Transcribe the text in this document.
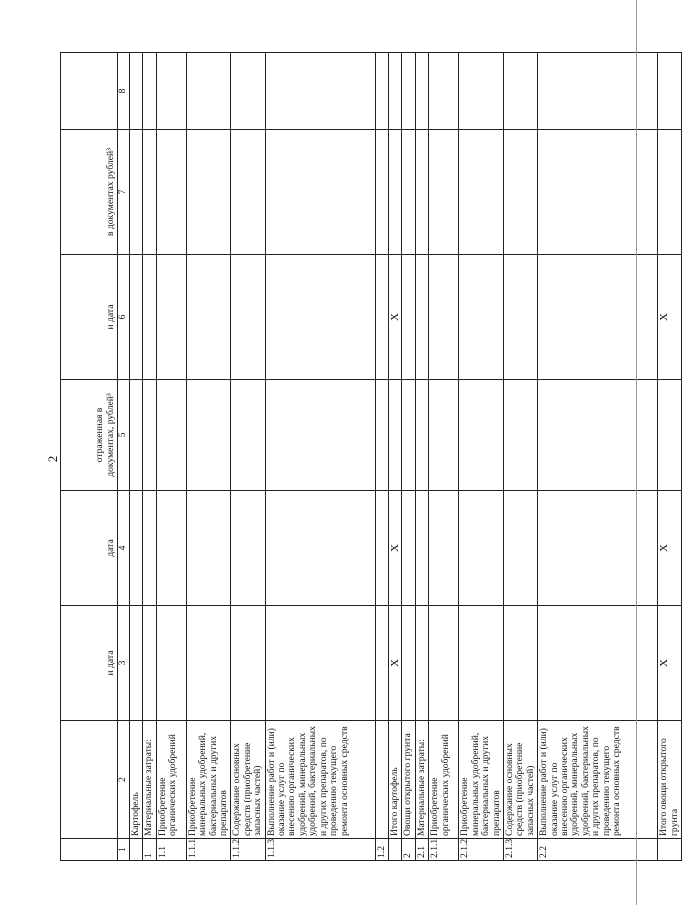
2
		и дата	дата	отраженная в документах, рублей³	и дата	в документах рублей³	
1	2	3	4	5	6	7	8
	Картофель						
1	Материальные затраты:						
1.1	Приобретение органических удобрений						
1.1.1	Приобретение минеральных удобрений, бактериальных и других препаратов						
1.1.2	Содержание основных средств (приобретение запасных частей)						
1.1.3	Выполнение работ и (или) оказание услуг по внесению органических удобрений, минеральных удобрений, бактериальных и других препаратов, по проведению текущего ремонта основных средств						
1.2							
	Итого картофель	Х	Х		Х		
2	Овощи открытого грунта						
2.1	Материальные затраты:						
2.1.1	Приобретение органических удобрений						
2.1.2	Приобретение минеральных удобрений, бактериальных и других препаратов						
2.1.3	Содержание основных средств (приобретение запасных частей)						
2.2	Выполнение работ и (или) оказание услуг по внесению органических удобрений, минеральных удобрений, бактериальных и других препаратов, по проведению текущего ремонта основных средств						
	Итого овощи открытого грунта	Х	Х		Х		
